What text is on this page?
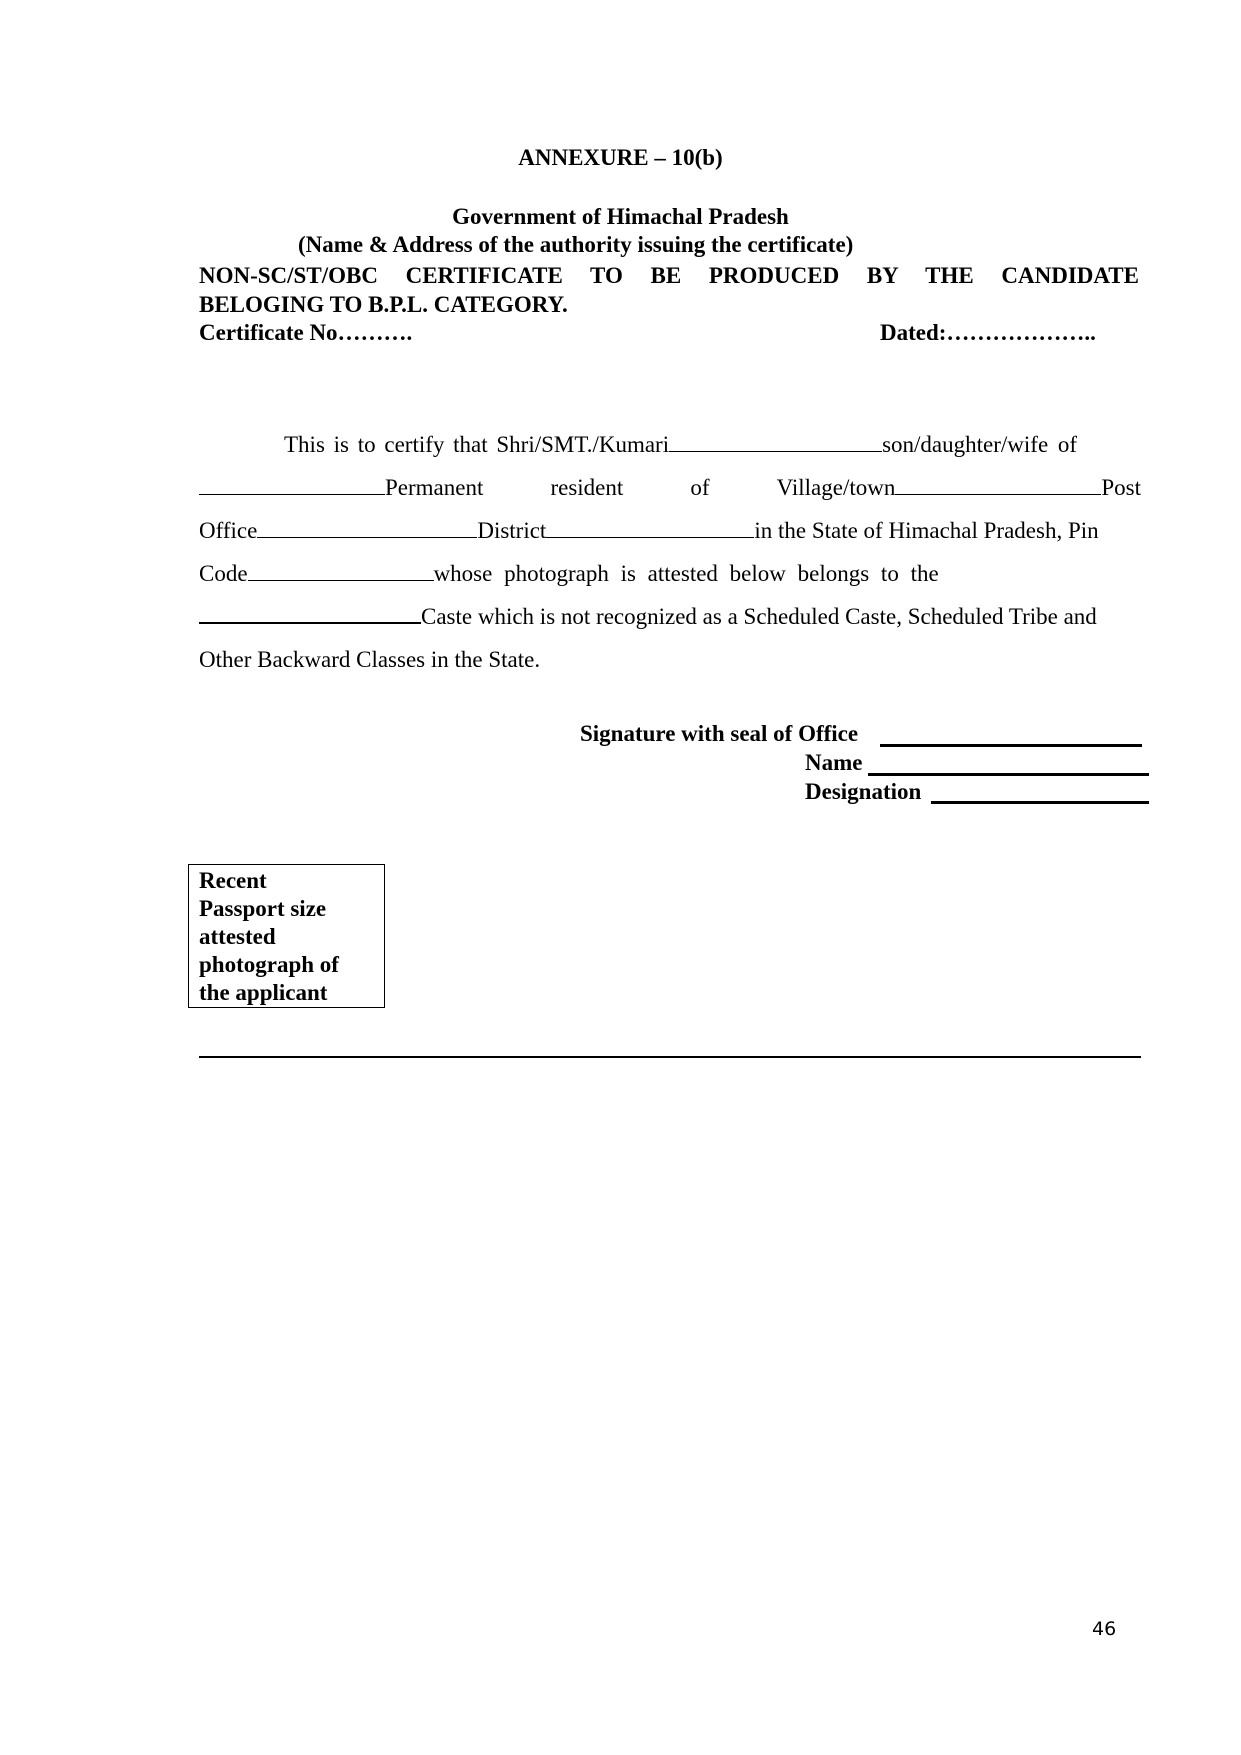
ANNEXURE – 10(b)
Government of Himachal Pradesh
(Name & Address of the authority issuing the certificate)
NON-SC/ST/OBC CERTIFICATE TO BE PRODUCED BY THE CANDIDATE
BELOGING TO B.P.L. CATEGORY.
Certificate No……….	Dated:………………..
This is to certify that Shri/SMT./Kumari	son/daughter/wife of
Permanent	resident	of	Village/town	Post
Office	District	in the State of Himachal Pradesh, Pin
Code	whose photograph is attested below belongs to the
Caste which is not recognized as a Scheduled Caste, Scheduled Tribe and
Other Backward Classes in the State.
Signature with seal of Office
Name
Designation
Recent
Passport size
attested
photograph of
the applicant
46
